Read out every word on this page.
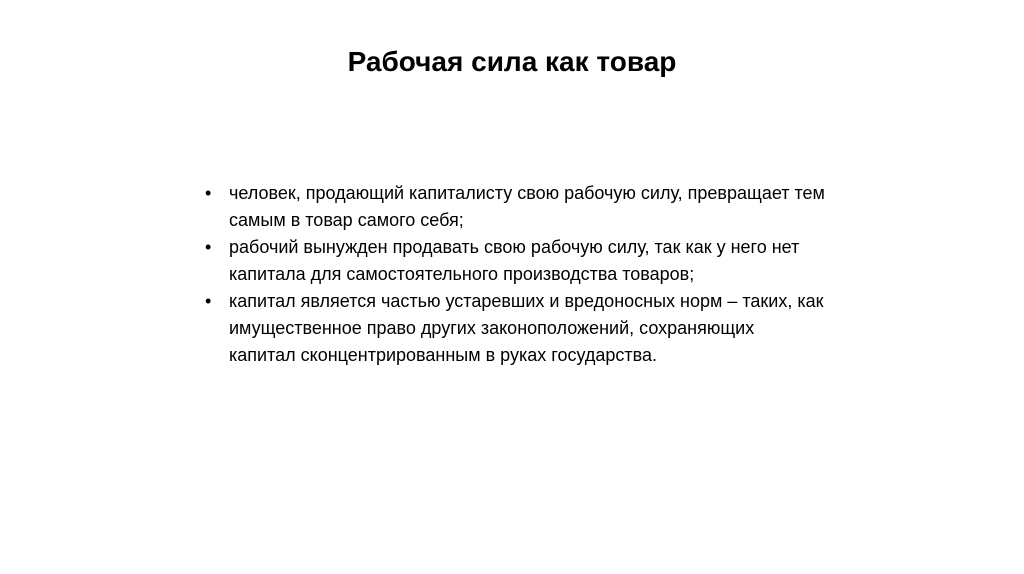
Рабочая сила как товар
• человек, продающий капиталисту свою рабочую силу, превращает тем самым в товар самого себя;
• рабочий вынужден продавать свою рабочую силу, так как у него нет капитала для самостоятельного производства товаров;
• капитал является частью устаревших и вредоносных норм – таких, как имущественное право других законоположений, сохраняющих капитал сконцентрированным в руках государства.
